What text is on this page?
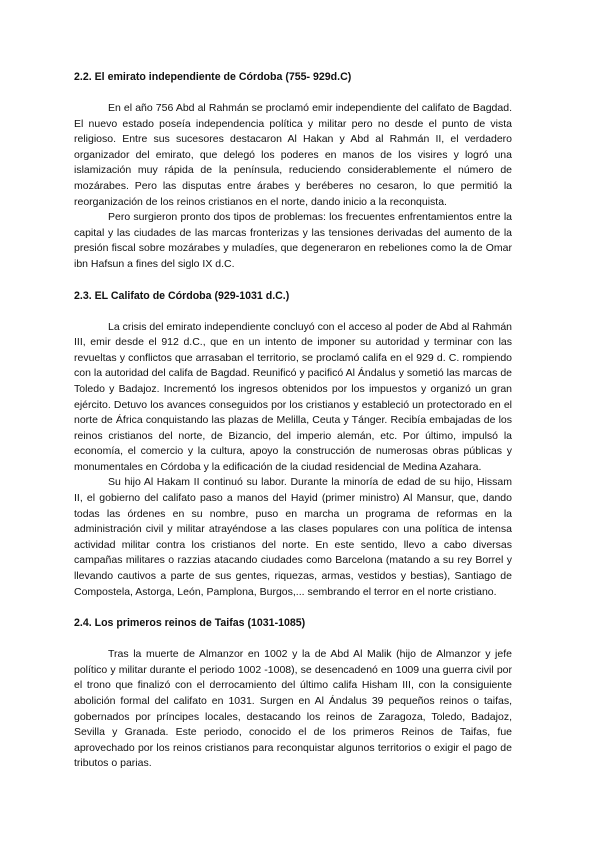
2.2. El emirato independiente de Córdoba (755- 929d.C)

En el año 756 Abd al Rahmán se proclamó emir independiente del califato de Bagdad. El nuevo estado poseía independencia política y militar pero no desde el punto de vista religioso. Entre sus sucesores destacaron Al Hakan y Abd al Rahmán II, el verdadero organizador del emirato, que delegó los poderes en manos de los visires y logró una islamización muy rápida de la península, reduciendo considerablemente el número de mozárabes. Pero las disputas entre árabes y beréberes no cesaron, lo que permitió la reorganización de los reinos cristianos en el norte, dando inicio a la reconquista.

Pero surgieron pronto dos tipos de problemas: los frecuentes enfrentamientos entre la capital y las ciudades de las marcas fronterizas y las tensiones derivadas del aumento de la presión fiscal sobre mozárabes y muladíes, que degeneraron en rebeliones como la de Omar ibn Hafsun a fines del siglo IX d.C.

2.3. EL Califato de Córdoba (929-1031 d.C.)

La crisis del emirato independiente concluyó con el acceso al poder de Abd al Rahmán III, emir desde el 912 d.C., que en un intento de imponer su autoridad y terminar con las revueltas y conflictos que arrasaban el territorio, se proclamó califa en el 929 d. C. rompiendo con la autoridad del califa de Bagdad. Reunificó y pacificó Al Ándalus y sometió las marcas de Toledo y Badajoz. Incrementó los ingresos obtenidos por los impuestos y organizó un gran ejército. Detuvo los avances conseguidos por los cristianos y estableció un protectorado en el norte de África conquistando las plazas de Melilla, Ceuta y Tánger. Recibía embajadas de los reinos cristianos del norte, de Bizancio, del imperio alemán, etc. Por último, impulsó la economía, el comercio y la cultura, apoyo la construcción de numerosas obras públicas y monumentales en Córdoba y la edificación de la ciudad residencial de Medina Azahara.

Su hijo Al Hakam II continuó su labor. Durante la minoría de edad de su hijo, Hissam II, el gobierno del califato paso a manos del Hayid (primer ministro) Al Mansur, que, dando todas las órdenes en su nombre, puso en marcha un programa de reformas en la administración civil y militar atrayéndose a las clases populares con una política de intensa actividad militar contra los cristianos del norte. En este sentido, llevo a cabo diversas campañas militares o razzias atacando ciudades como Barcelona (matando a su rey Borrel y llevando cautivos a parte de sus gentes, riquezas, armas, vestidos y bestias), Santiago de Compostela, Astorga, León, Pamplona, Burgos,... sembrando el terror en el norte cristiano.

2.4. Los primeros reinos de Taifas (1031-1085)

Tras la muerte de Almanzor en 1002 y la de Abd Al Malik (hijo de Almanzor y jefe político y militar durante el periodo 1002 -1008), se desencadenó en 1009 una guerra civil por el trono que finalizó con el derrocamiento del último califa Hisham III, con la consiguiente abolición formal del califato en 1031. Surgen en Al Ándalus 39 pequeños reinos o taifas, gobernados por príncipes locales, destacando los reinos de Zaragoza, Toledo, Badajoz, Sevilla y Granada. Este periodo, conocido el de los primeros Reinos de Taifas, fue aprovechado por los reinos cristianos para reconquistar algunos territorios o exigir el pago de tributos o parias.
